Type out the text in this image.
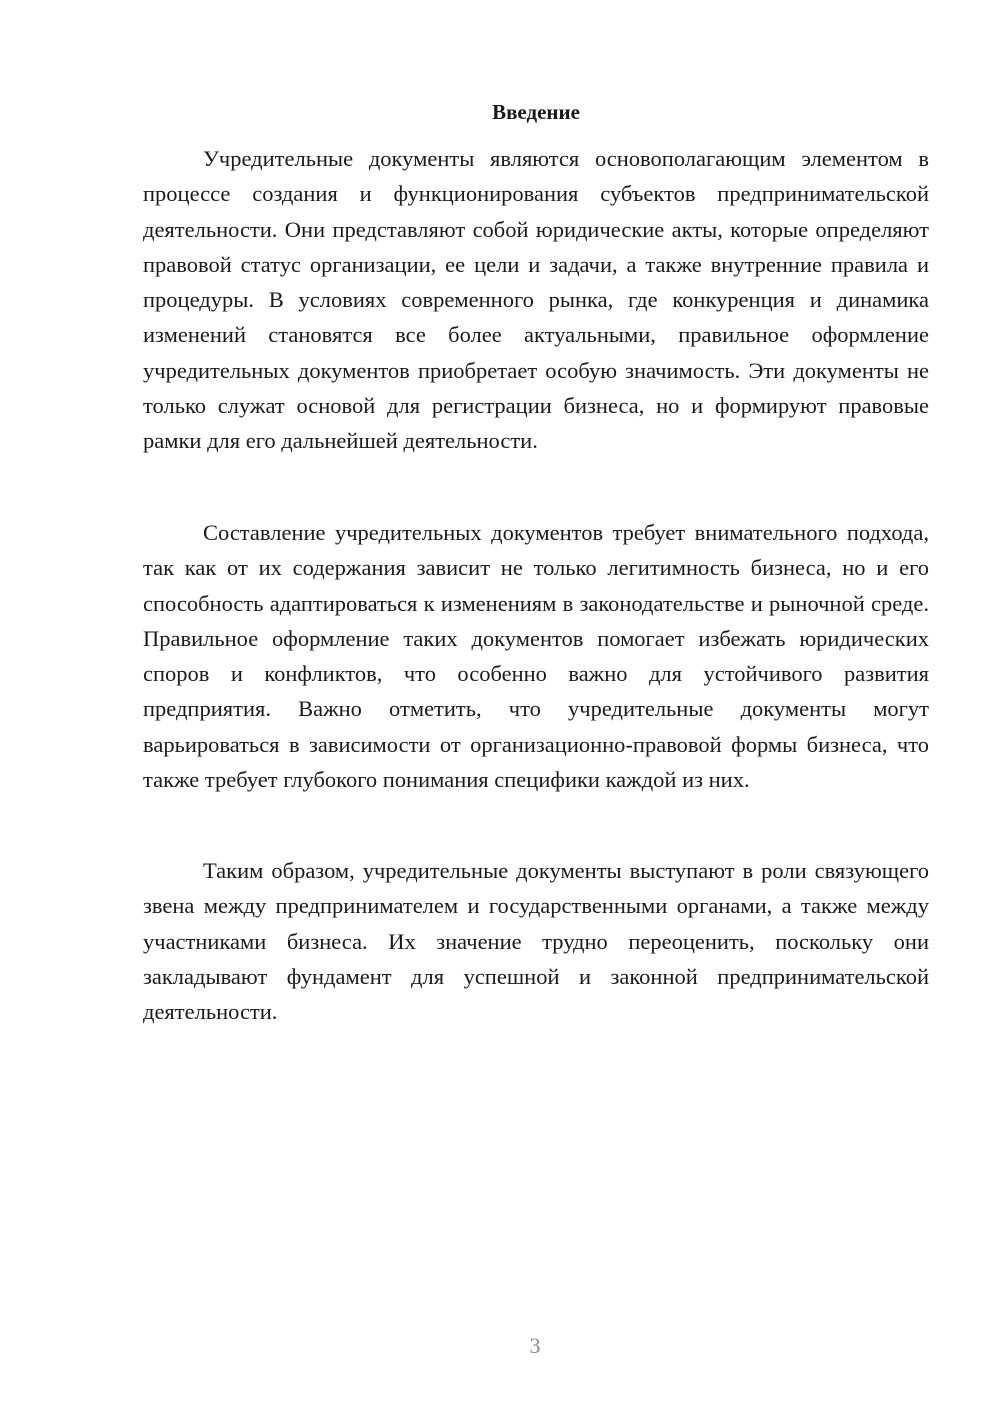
Введение

Учредительные документы являются основополагающим элементом в процессе создания и функционирования субъектов предпринимательской деятельности. Они представляют собой юридические акты, которые определяют правовой статус организации, ее цели и задачи, а также внутренние правила и процедуры. В условиях современного рынка, где конкуренция и динамика изменений становятся все более актуальными, правильное оформление учредительных документов приобретает особую значимость. Эти документы не только служат основой для регистрации бизнеса, но и формируют правовые рамки для его дальнейшей деятельности.

Составление учредительных документов требует внимательного подхода, так как от их содержания зависит не только легитимность бизнеса, но и его способность адаптироваться к изменениям в законодательстве и рыночной среде. Правильное оформление таких документов помогает избежать юридических споров и конфликтов, что особенно важно для устойчивого развития предприятия. Важно отметить, что учредительные документы могут варьироваться в зависимости от организационно-правовой формы бизнеса, что также требует глубокого понимания специфики каждой из них.

Таким образом, учредительные документы выступают в роли связующего звена между предпринимателем и государственными органами, а также между участниками бизнеса. Их значение трудно переоценить, поскольку они закладывают фундамент для успешной и законной предпринимательской деятельности.

3
